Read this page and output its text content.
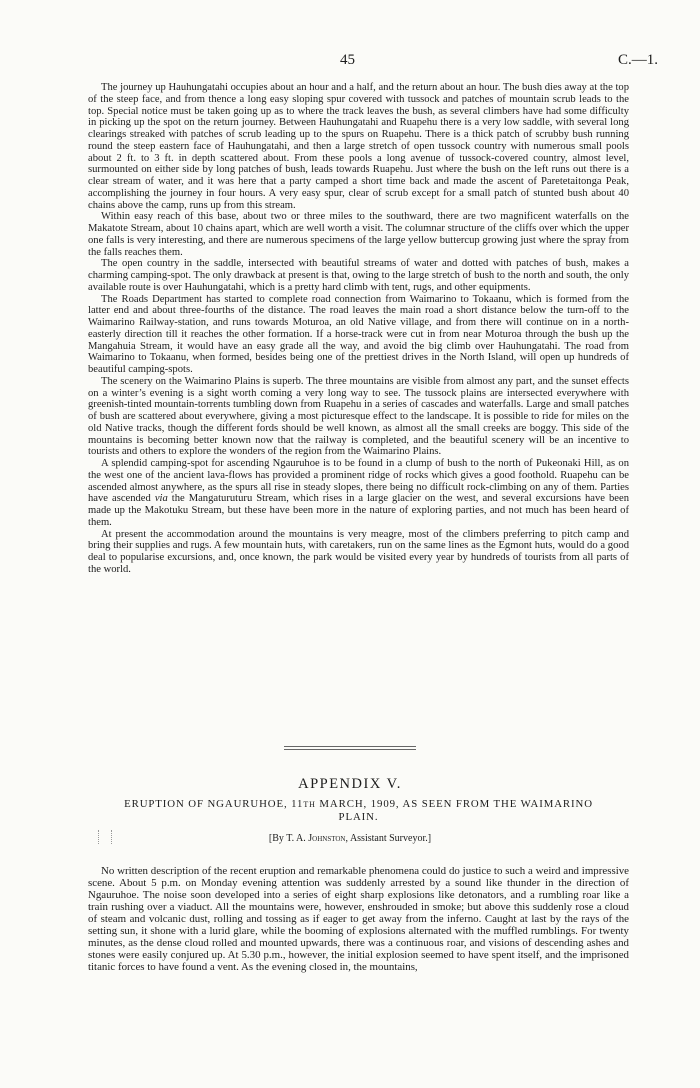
45	C.—1.

The journey up Hauhungatahi occupies about an hour and a half, and the return about an hour. The bush dies away at the top of the steep face, and from thence a long easy sloping spur covered with tussock and patches of mountain scrub leads to the top. Special notice must be taken going up as to where the track leaves the bush, as several climbers have had some difficulty in picking up the spot on the return journey. Between Hauhungatahi and Ruapehu there is a very low saddle, with several long clearings streaked with patches of scrub leading up to the spurs on Ruapehu. There is a thick patch of scrubby bush running round the steep eastern face of Hauhungatahi, and then a large stretch of open tussock country with numerous small pools about 2 ft. to 3 ft. in depth scattered about. From these pools a long avenue of tussock-covered country, almost level, surmounted on either side by long patches of bush, leads towards Ruapehu. Just where the bush on the left runs out there is a clear stream of water, and it was here that a party camped a short time back and made the ascent of Paretetaitonga Peak, accomplishing the journey in four hours. A very easy spur, clear of scrub except for a small patch of stunted bush about 40 chains above the camp, runs up from this stream.

Within easy reach of this base, about two or three miles to the southward, there are two magnificent waterfalls on the Makatote Stream, about 10 chains apart, which are well worth a visit. The columnar structure of the cliffs over which the upper one falls is very interesting, and there are numerous specimens of the large yellow buttercup growing just where the spray from the falls reaches them.

The open country in the saddle, intersected with beautiful streams of water and dotted with patches of bush, makes a charming camping-spot. The only drawback at present is that, owing to the large stretch of bush to the north and south, the only available route is over Hauhungatahi, which is a pretty hard climb with tent, rugs, and other equipments.

The Roads Department has started to complete road connection from Waimarino to Tokaanu, which is formed from the latter end and about three-fourths of the distance. The road leaves the main road a short distance below the turn-off to the Waimarino Railway-station, and runs towards Moturoa, an old Native village, and from there will continue on in a north-easterly direction till it reaches the other formation. If a horse-track were cut in from near Moturoa through the bush up the Mangahuia Stream, it would have an easy grade all the way, and avoid the big climb over Hauhungatahi. The road from Waimarino to Tokaanu, when formed, besides being one of the prettiest drives in the North Island, will open up hundreds of beautiful camping-spots.

The scenery on the Waimarino Plains is superb. The three mountains are visible from almost any part, and the sunset effects on a winter’s evening is a sight worth coming a very long way to see. The tussock plains are intersected everywhere with greenish-tinted mountain-torrents tumbling down from Ruapehu in a series of cascades and waterfalls. Large and small patches of bush are scattered about everywhere, giving a most picturesque effect to the landscape. It is possible to ride for miles on the old Native tracks, though the different fords should be well known, as almost all the small creeks are boggy. This side of the mountains is becoming better known now that the railway is completed, and the beautiful scenery will be an incentive to tourists and others to explore the wonders of the region from the Waimarino Plains.

A splendid camping-spot for ascending Ngauruhoe is to be found in a clump of bush to the north of Pukeonaki Hill, as on the west one of the ancient lava-flows has provided a prominent ridge of rocks which gives a good foothold. Ruapehu can be ascended almost anywhere, as the spurs all rise in steady slopes, there being no difficult rock-climbing on any of them. Parties have ascended via the Mangaturuturu Stream, which rises in a large glacier on the west, and several excursions have been made up the Makotuku Stream, but these have been more in the nature of exploring parties, and not much has been heard of them.

At present the accommodation around the mountains is very meagre, most of the climbers preferring to pitch camp and bring their supplies and rugs. A few mountain huts, with caretakers, run on the same lines as the Egmont huts, would do a good deal to popularise excursions, and, once known, the park would be visited every year by hundreds of tourists from all parts of the world.

APPENDIX V.
ERUPTION OF NGAURUHOE, 11TH MARCH, 1909, AS SEEN FROM THE WAIMARINO
PLAIN.
[By T. A. Johnston, Assistant Surveyor.]

No written description of the recent eruption and remarkable phenomena could do justice to such a weird and impressive scene. About 5 p.m. on Monday evening attention was suddenly arrested by a sound like thunder in the direction of Ngauruhoe. The noise soon developed into a series of eight sharp explosions like detonators, and a rumbling roar like a train rushing over a viaduct. All the mountains were, however, enshrouded in smoke; but above this suddenly rose a cloud of steam and volcanic dust, rolling and tossing as if eager to get away from the inferno. Caught at last by the rays of the setting sun, it shone with a lurid glare, while the booming of explosions alternated with the muffled rumblings. For twenty minutes, as the dense cloud rolled and mounted upwards, there was a continuous roar, and visions of descending ashes and stones were easily conjured up. At 5.30 p.m., however, the initial explosion seemed to have spent itself, and the imprisoned titanic forces to have found a vent. As the evening closed in, the mountains,
